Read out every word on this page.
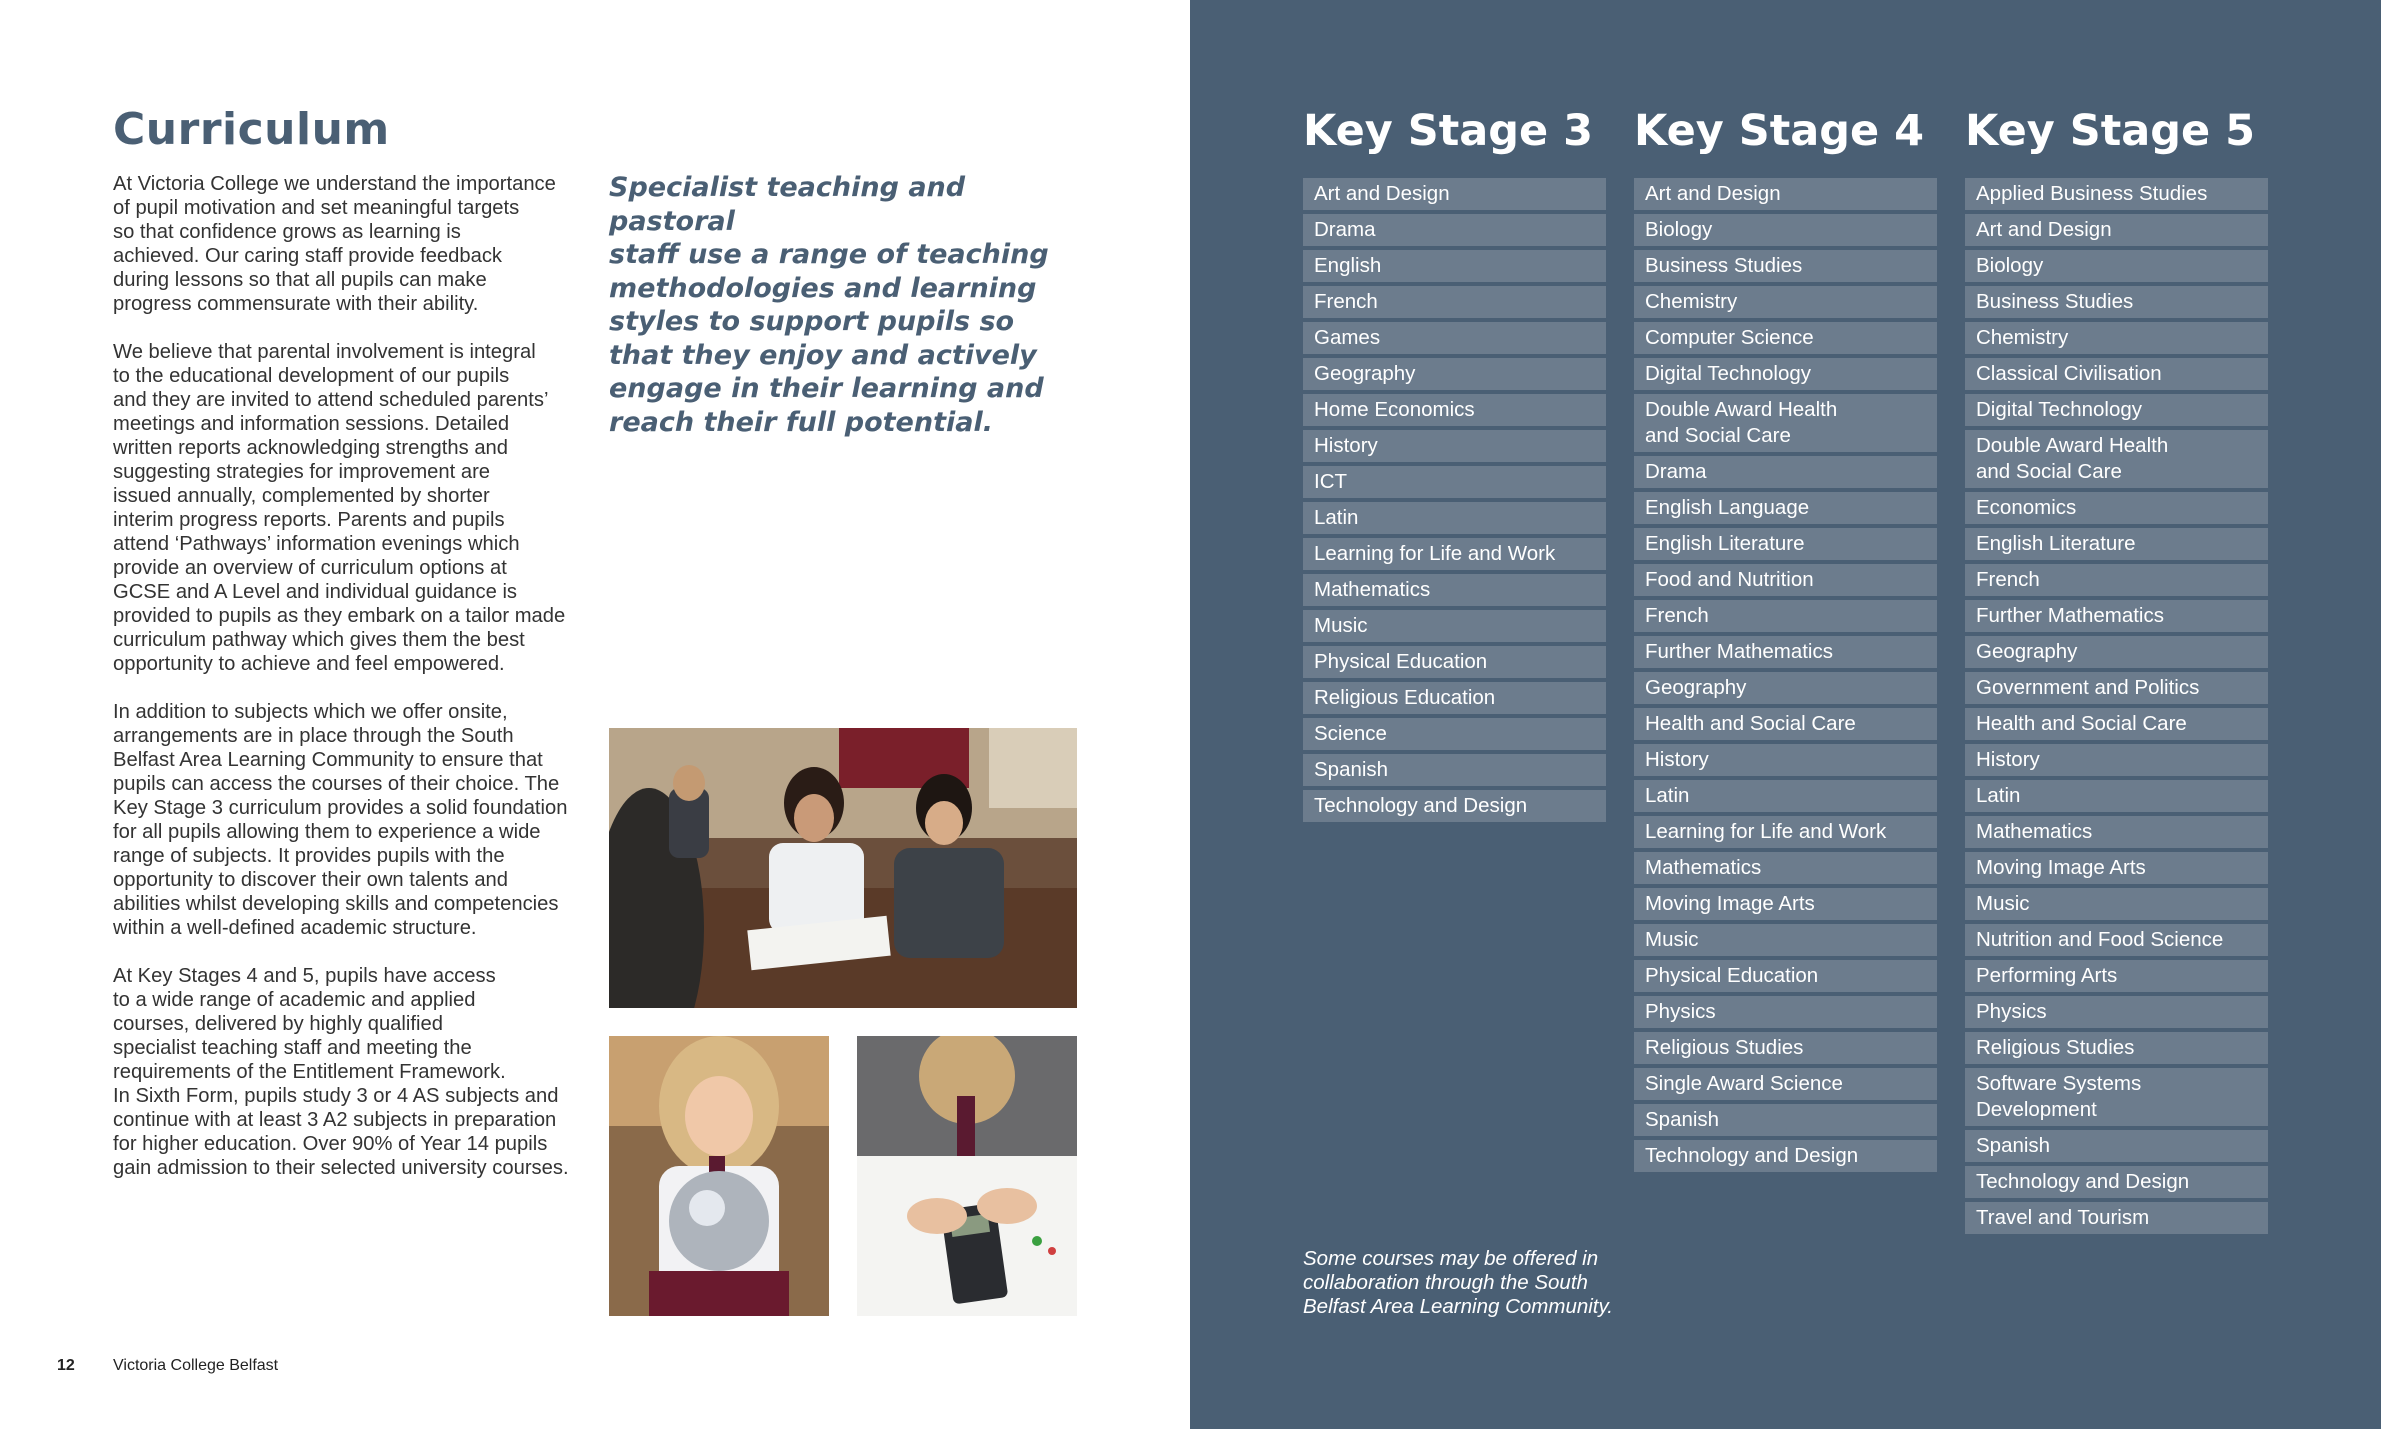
Curriculum

At Victoria College we understand the importance
of pupil motivation and set meaningful targets
so that confidence grows as learning is
achieved. Our caring staff provide feedback
during lessons so that all pupils can make
progress commensurate with their ability.

We believe that parental involvement is integral
to the educational development of our pupils
and they are invited to attend scheduled parents’
meetings and information sessions. Detailed
written reports acknowledging strengths and
suggesting strategies for improvement are
issued annually, complemented by shorter
interim progress reports. Parents and pupils
attend ‘Pathways’ information evenings which
provide an overview of curriculum options at
GCSE and A Level and individual guidance is
provided to pupils as they embark on a tailor made
curriculum pathway which gives them the best
opportunity to achieve and feel empowered.

In addition to subjects which we offer onsite,
arrangements are in place through the South
Belfast Area Learning Community to ensure that
pupils can access the courses of their choice. The
Key Stage 3 curriculum provides a solid foundation
for all pupils allowing them to experience a wide
range of subjects. It provides pupils with the
opportunity to discover their own talents and
abilities whilst developing skills and competencies
within a well-defined academic structure.

At Key Stages 4 and 5, pupils have access
to a wide range of academic and applied
courses, delivered by highly qualified
specialist teaching staff and meeting the
requirements of the Entitlement Framework.
In Sixth Form, pupils study 3 or 4 AS subjects and
continue with at least 3 A2 subjects in preparation
for higher education. Over 90% of Year 14 pupils
gain admission to their selected university courses.

Specialist teaching and pastoral
staff use a range of teaching
methodologies and learning
styles to support pupils so
that they enjoy and actively
engage in their learning and
reach their full potential.

12 Victoria College Belfast
Key Stage 3
Art and Design
Drama
English
French
Games
Geography
Home Economics
History
ICT
Latin
Learning for Life and Work
Mathematics
Music
Physical Education
Religious Education
Science
Spanish
Technology and Design
Key Stage 4
Art and Design
Biology
Business Studies
Chemistry
Computer Science
Digital Technology
Double Award Health
and Social Care
Drama
English Language
English Literature
Food and Nutrition
French
Further Mathematics
Geography
Health and Social Care
History
Latin
Learning for Life and Work
Mathematics
Moving Image Arts
Music
Physical Education
Physics
Religious Studies
Single Award Science
Spanish
Technology and Design
Key Stage 5
Applied Business Studies
Art and Design
Biology
Business Studies
Chemistry
Classical Civilisation
Digital Technology
Double Award Health
and Social Care
Economics
English Literature
French
Further Mathematics
Geography
Government and Politics
Health and Social Care
History
Latin
Mathematics
Moving Image Arts
Music
Nutrition and Food Science
Performing Arts
Physics
Religious Studies
Software Systems
Development
Spanish
Technology and Design
Travel and Tourism

Some courses may be offered in
collaboration through the South
Belfast Area Learning Community.
